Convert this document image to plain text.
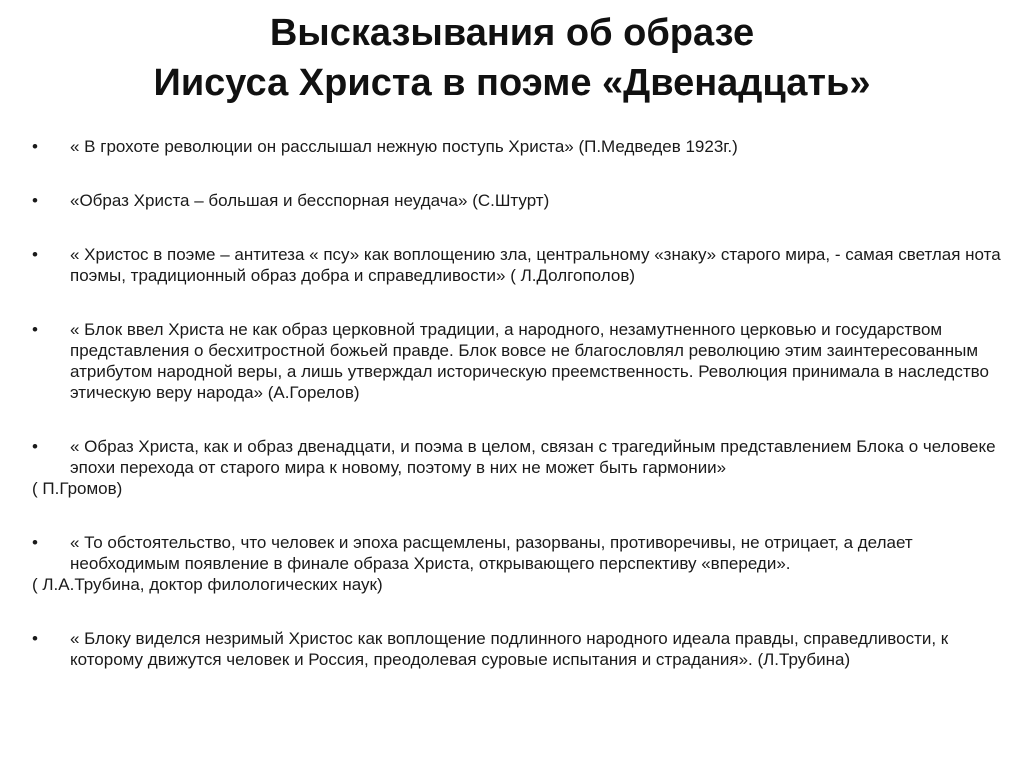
Высказывания об образе
Иисуса Христа в поэме «Двенадцать»
•	« В грохоте революции он расслышал нежную поступь Христа» (П.Медведев 1923г.)
•	«Образ Христа – большая и бесспорная неудача» (С.Штурт)
•	« Христос в поэме – антитеза « псу» как воплощению зла, центральному «знаку» старого мира, - самая светлая нота поэмы, традиционный образ добра и справедливости» ( Л.Долгополов)
•	« Блок ввел Христа не как образ церковной традиции, а народного, незамутненного церковью и государством представления о бесхитростной божьей правде. Блок вовсе не благословлял революцию этим заинтересованным атрибутом народной веры, а лишь утверждал историческую преемственность. Революция принимала в наследство этическую веру народа» (А.Горелов)
•	« Образ Христа, как и образ двенадцати, и поэма в целом, связан с трагедийным представлением Блока о человеке эпохи перехода от старого мира к новому, поэтому в них не может быть гармонии»
( П.Громов)
•	« То обстоятельство, что человек и эпоха расщемлены, разорваны, противоречивы, не отрицает, а делает необходимым появление в финале образа Христа, открывающего перспективу «впереди».
( Л.А.Трубина, доктор филологических наук)
•	« Блоку виделся незримый Христос как воплощение подлинного народного идеала правды, справедливости, к которому движутся человек и Россия, преодолевая суровые испытания и страдания». (Л.Трубина)
